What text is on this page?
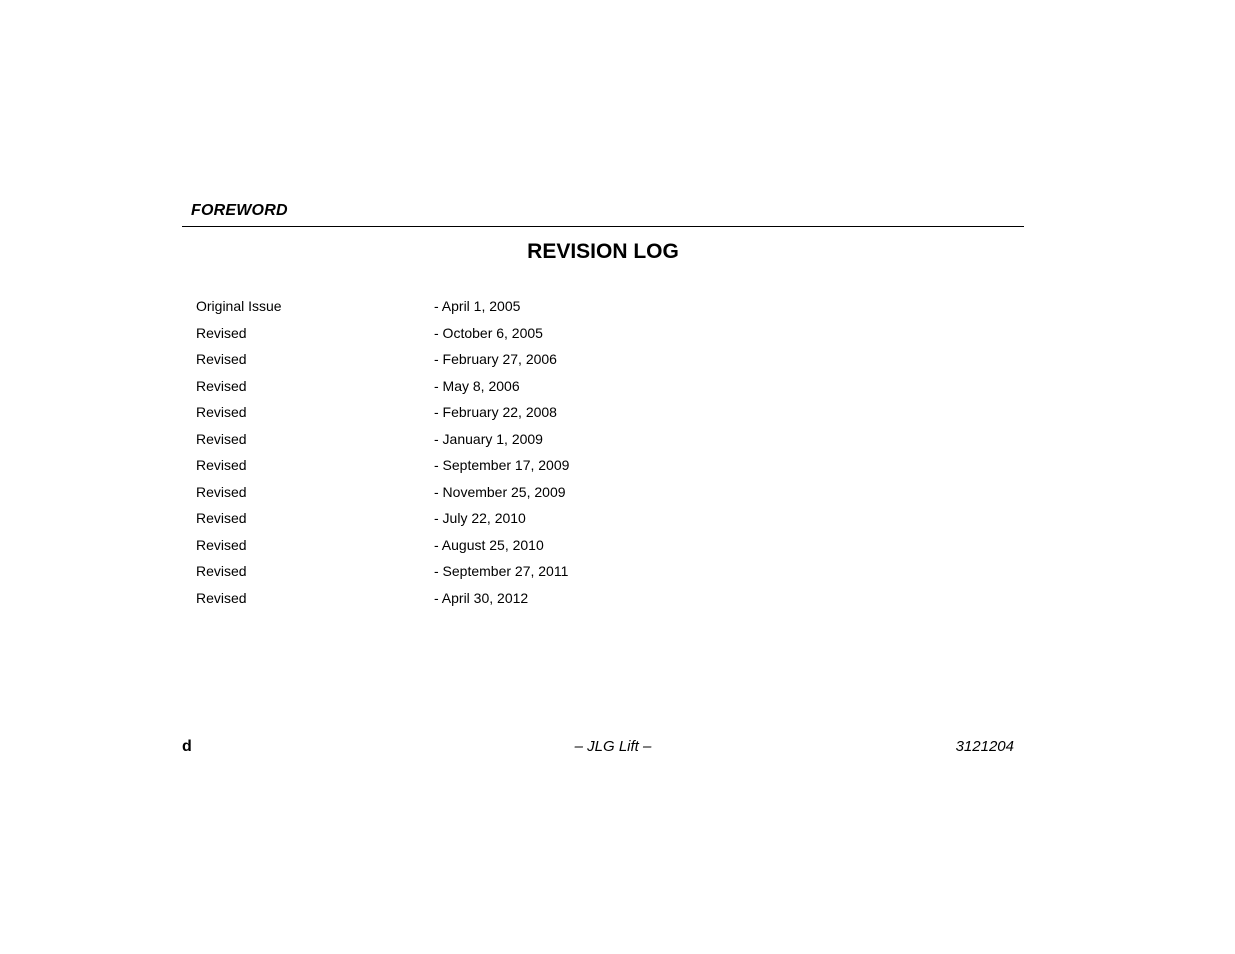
FOREWORD
REVISION LOG
Original Issue	- April 1, 2005
Revised	- October 6, 2005
Revised	- February 27, 2006
Revised	- May 8, 2006
Revised	- February 22, 2008
Revised	- January 1, 2009
Revised	- September 17, 2009
Revised	- November 25, 2009
Revised	- July 22, 2010
Revised	- August 25, 2010
Revised	- September 27, 2011
Revised	- April 30, 2012
d	– JLG Lift –	3121204
